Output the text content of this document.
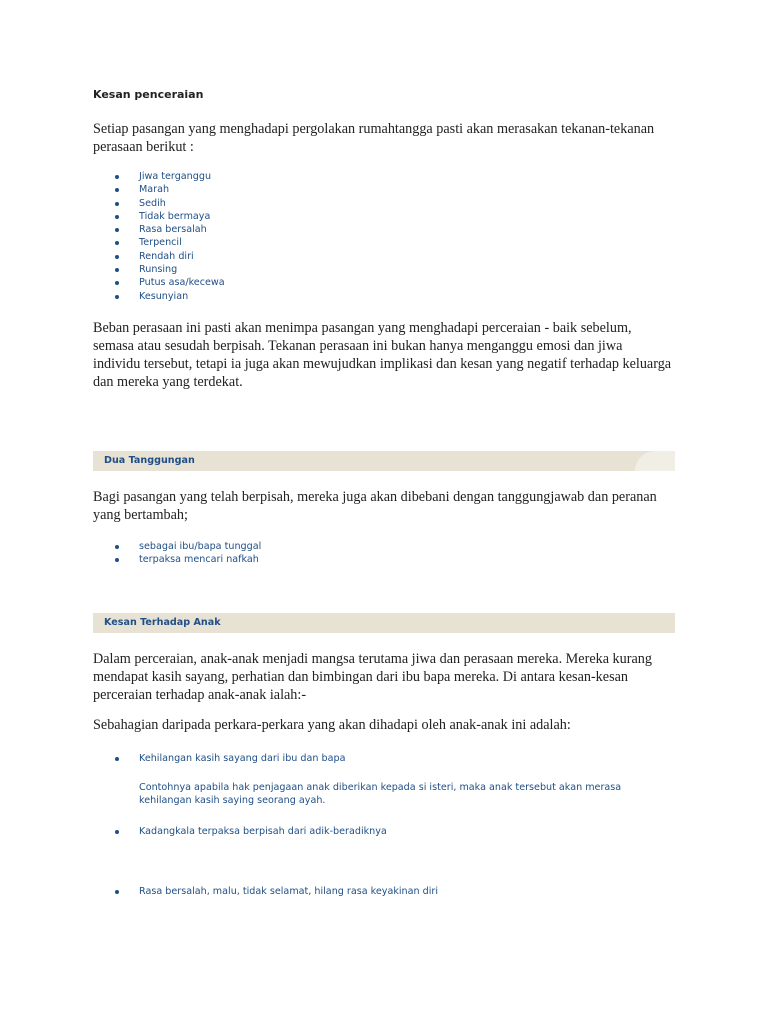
Kesan penceraian

Setiap pasangan yang menghadapi pergolakan rumahtangga pasti akan merasakan tekanan-tekanan perasaan berikut :

Jiwa terganggu
Marah
Sedih
Tidak bermaya
Rasa bersalah
Terpencil
Rendah diri
Runsing
Putus asa/kecewa
Kesunyian

Beban perasaan ini pasti akan menimpa pasangan yang menghadapi perceraian - baik sebelum, semasa atau sesudah berpisah. Tekanan perasaan ini bukan hanya menganggu emosi dan jiwa individu tersebut, tetapi ia juga akan mewujudkan implikasi dan kesan yang negatif terhadap keluarga dan mereka yang terdekat.

Dua Tanggungan

Bagi pasangan yang telah berpisah, mereka juga akan dibebani dengan tanggungjawab dan peranan yang bertambah;

sebagai ibu/bapa tunggal
terpaksa mencari nafkah
Kesan Terhadap Anak

Dalam perceraian, anak-anak menjadi mangsa terutama jiwa dan perasaan mereka. Mereka kurang mendapat kasih sayang, perhatian dan bimbingan dari ibu bapa mereka. Di antara kesan-kesan perceraian terhadap anak-anak ialah:-

Sebahagian daripada perkara-perkara yang akan dihadapi oleh anak-anak ini adalah:

Kehilangan kasih sayang dari ibu dan bapa

Contohnya apabila hak penjagaan anak diberikan kepada si isteri, maka anak tersebut akan merasa kehilangan kasih saying seorang ayah.

Kadangkala terpaksa berpisah dari adik-beradiknya
Rasa bersalah, malu, tidak selamat, hilang rasa keyakinan diri
